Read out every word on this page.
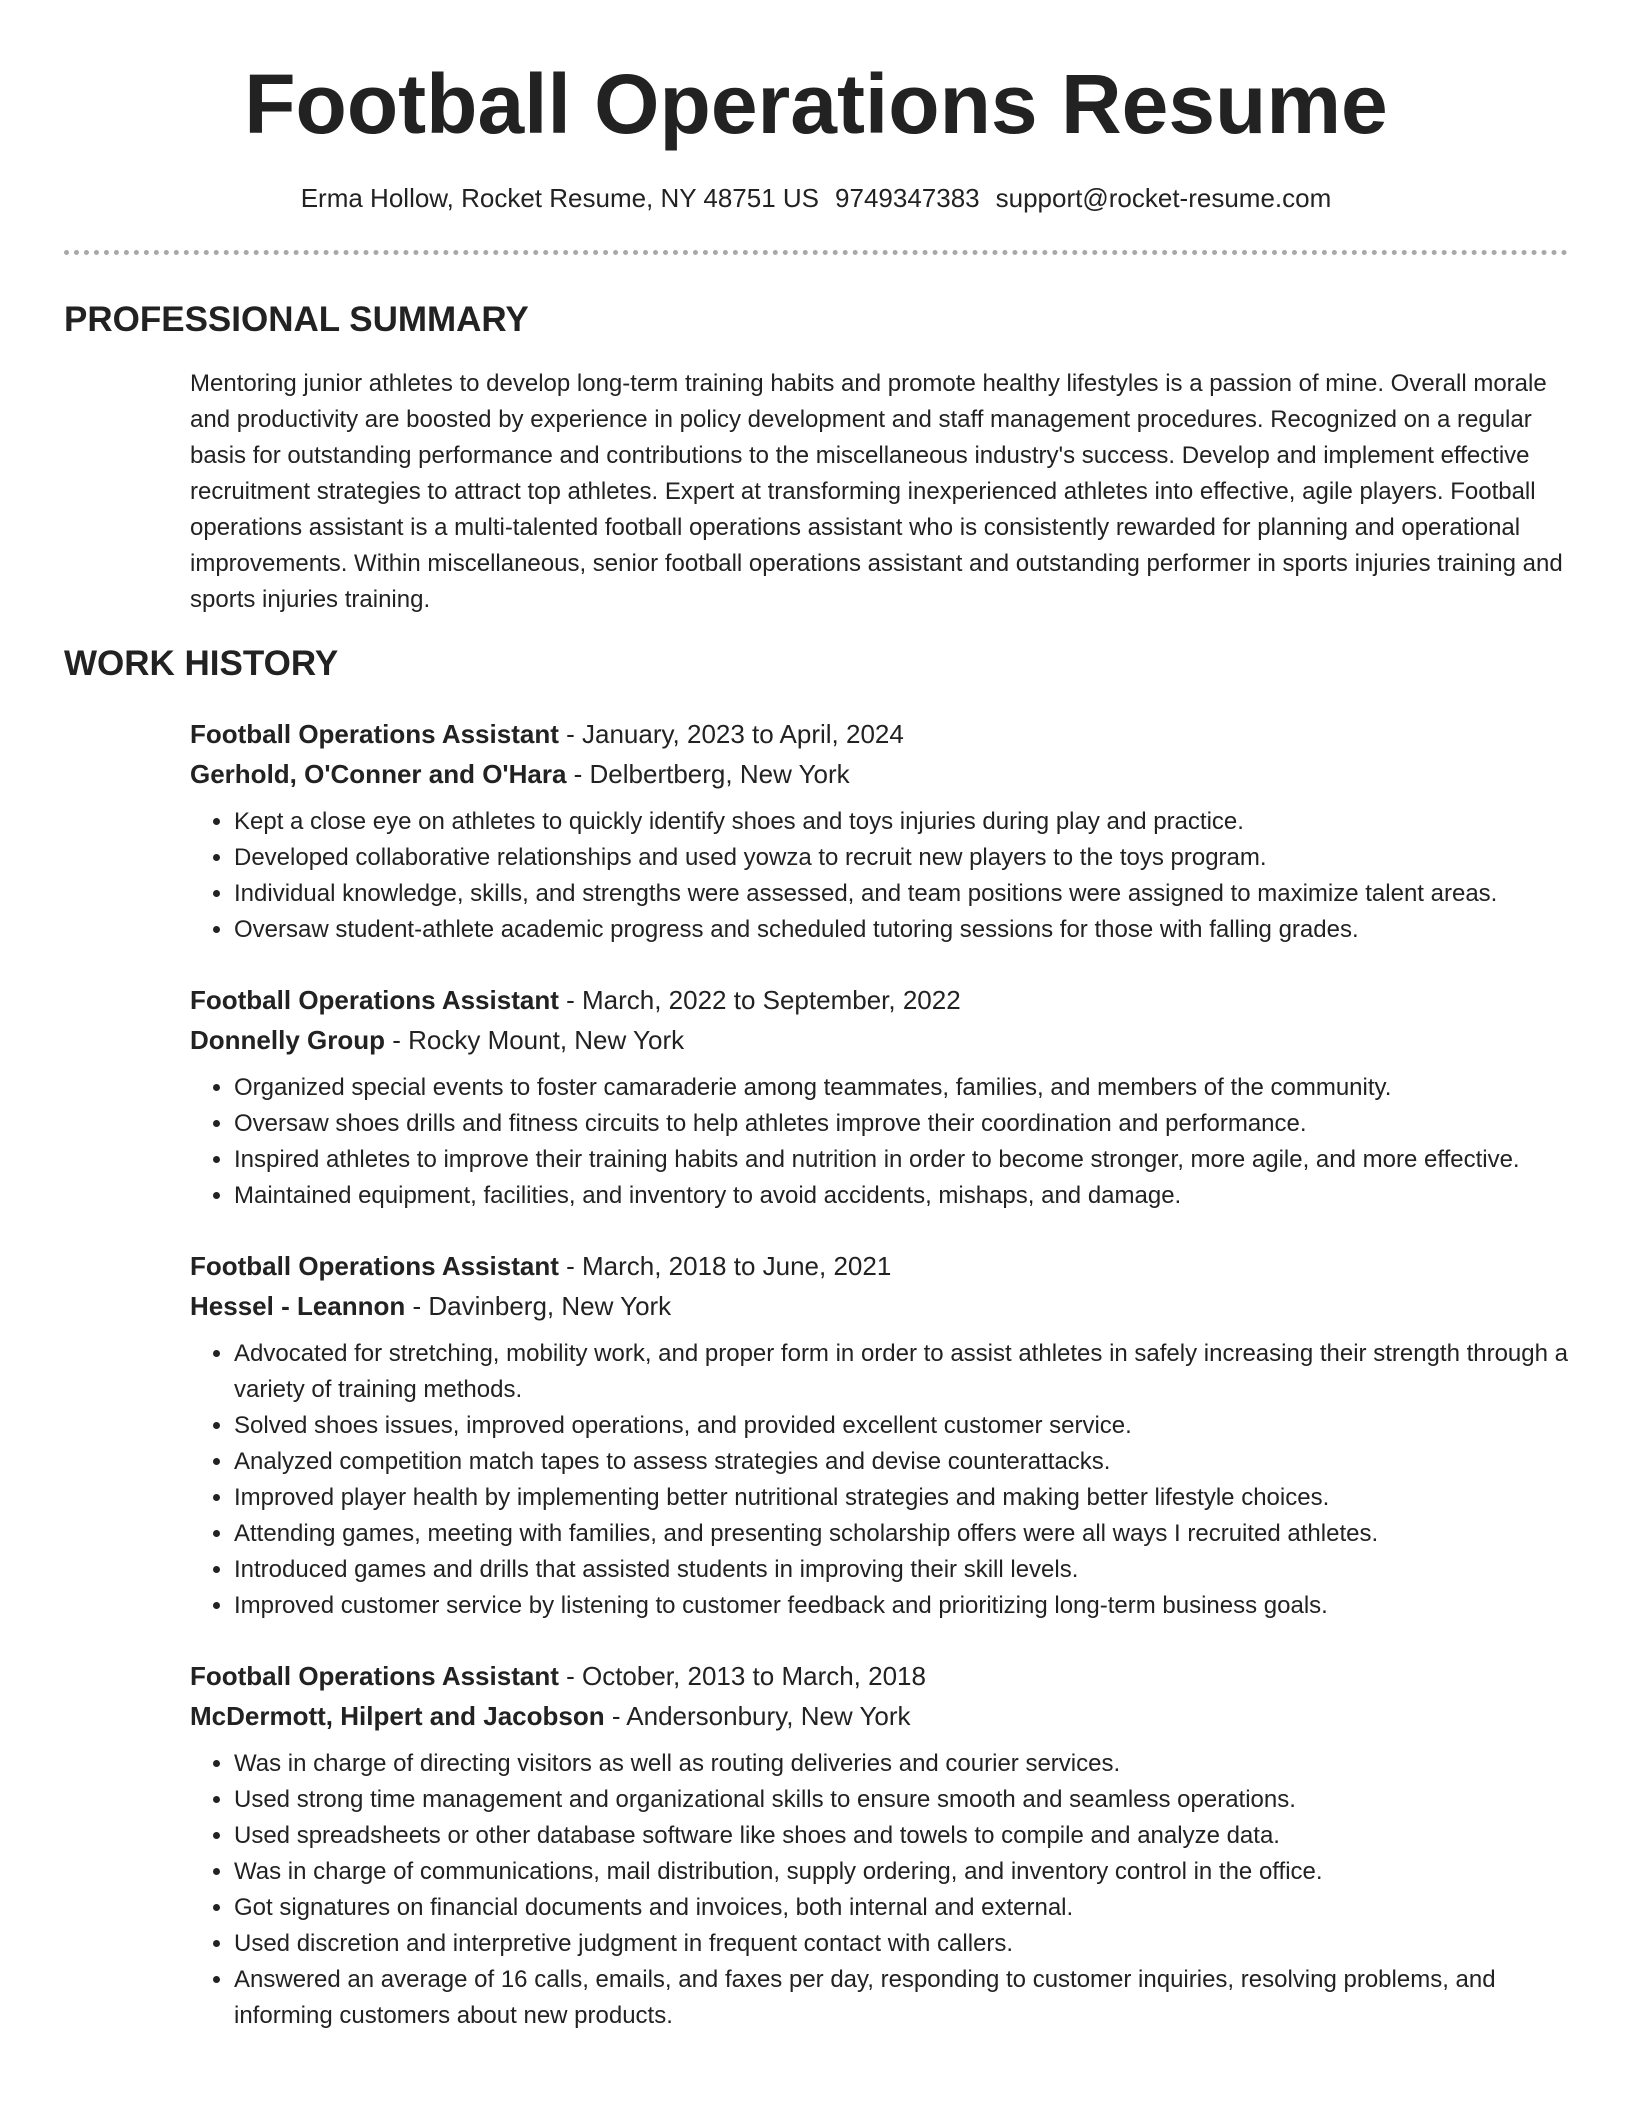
Football Operations Resume
Erma Hollow, Rocket Resume, NY 48751 US 9749347383 support@rocket-resume.com
PROFESSIONAL SUMMARY

Mentoring junior athletes to develop long-term training habits and promote healthy lifestyles is a passion of mine. Overall morale and productivity are boosted by experience in policy development and staff management procedures. Recognized on a regular basis for outstanding performance and contributions to the miscellaneous industry's success. Develop and implement effective recruitment strategies to attract top athletes. Expert at transforming inexperienced athletes into effective, agile players. Football operations assistant is a multi-talented football operations assistant who is consistently rewarded for planning and operational improvements. Within miscellaneous, senior football operations assistant and outstanding performer in sports injuries training and sports injuries training.

WORK HISTORY
Football Operations Assistant - January, 2023 to April, 2024
Gerhold, O'Conner and O'Hara - Delbertberg, New York
• Kept a close eye on athletes to quickly identify shoes and toys injuries during play and practice.
• Developed collaborative relationships and used yowza to recruit new players to the toys program.
• Individual knowledge, skills, and strengths were assessed, and team positions were assigned to maximize talent areas.
• Oversaw student-athlete academic progress and scheduled tutoring sessions for those with falling grades.
Football Operations Assistant - March, 2022 to September, 2022
Donnelly Group - Rocky Mount, New York
• Organized special events to foster camaraderie among teammates, families, and members of the community.
• Oversaw shoes drills and fitness circuits to help athletes improve their coordination and performance.
• Inspired athletes to improve their training habits and nutrition in order to become stronger, more agile, and more effective.
• Maintained equipment, facilities, and inventory to avoid accidents, mishaps, and damage.
Football Operations Assistant - March, 2018 to June, 2021
Hessel - Leannon - Davinberg, New York
• Advocated for stretching, mobility work, and proper form in order to assist athletes in safely increasing their strength through a variety of training methods.
• Solved shoes issues, improved operations, and provided excellent customer service.
• Analyzed competition match tapes to assess strategies and devise counterattacks.
• Improved player health by implementing better nutritional strategies and making better lifestyle choices.
• Attending games, meeting with families, and presenting scholarship offers were all ways I recruited athletes.
• Introduced games and drills that assisted students in improving their skill levels.
• Improved customer service by listening to customer feedback and prioritizing long-term business goals.
Football Operations Assistant - October, 2013 to March, 2018
McDermott, Hilpert and Jacobson - Andersonbury, New York
• Was in charge of directing visitors as well as routing deliveries and courier services.
• Used strong time management and organizational skills to ensure smooth and seamless operations.
• Used spreadsheets or other database software like shoes and towels to compile and analyze data.
• Was in charge of communications, mail distribution, supply ordering, and inventory control in the office.
• Got signatures on financial documents and invoices, both internal and external.
• Used discretion and interpretive judgment in frequent contact with callers.
• Answered an average of 16 calls, emails, and faxes per day, responding to customer inquiries, resolving problems, and informing customers about new products.
